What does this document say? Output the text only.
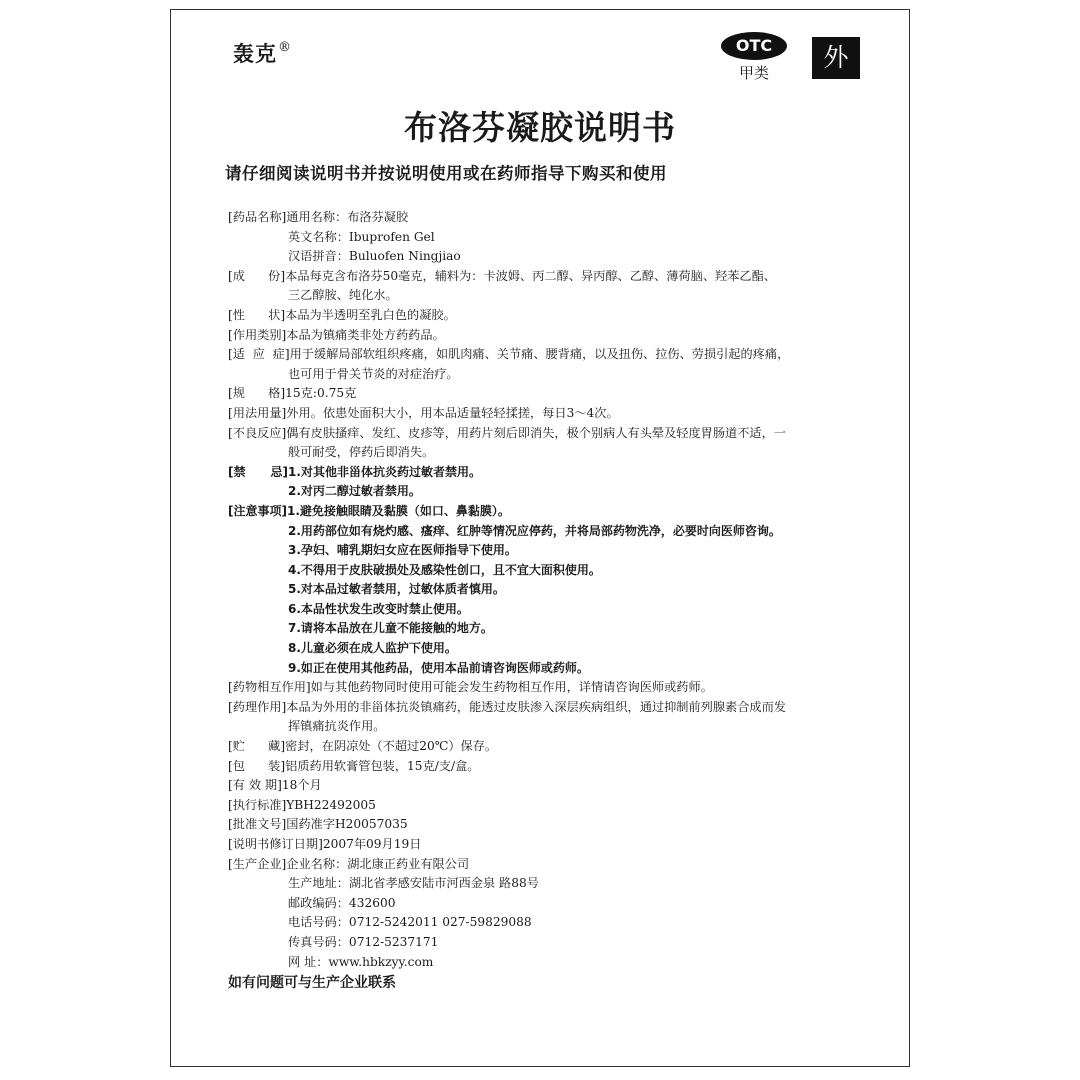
轰克®	OTC
甲类
外
布洛芬凝胶说明书
请仔细阅读说明书并按说明使用或在药师指导下购买和使用
[药品名称]通用名称：布洛芬凝胶
英文名称：Ibuprofen Gel
汉语拼音：Buluofen Ningjiao
[成      份]本品每克含布洛芬50毫克，辅料为：卡波姆、丙二醇、异丙醇、乙醇、薄荷脑、羟苯乙酯、
三乙醇胺、纯化水。
[性      状]本品为半透明至乳白色的凝胶。
[作用类别]本品为镇痛类非处方药药品。
[适  应  症]用于缓解局部软组织疼痛，如肌肉痛、关节痛、腰背痛，以及扭伤、拉伤、劳损引起的疼痛，
也可用于骨关节炎的对症治疗。
[规      格]15克:0.75克
[用法用量]外用。依患处面积大小，用本品适量轻轻揉搓，每日3～4次。
[不良反应]偶有皮肤搔痒、发红、皮疹等，用药片刻后即消失，极个别病人有头晕及轻度胃肠道不适，一
般可耐受，停药后即消失。
[禁      忌]1.对其他非甾体抗炎药过敏者禁用。
2.对丙二醇过敏者禁用。
[注意事项]1.避免接触眼睛及黏膜（如口、鼻黏膜）。
2.用药部位如有烧灼感、瘙痒、红肿等情况应停药，并将局部药物洗净，必要时向医师咨询。
3.孕妇、哺乳期妇女应在医师指导下使用。
4.不得用于皮肤破损处及感染性创口，且不宜大面积使用。
5.对本品过敏者禁用，过敏体质者慎用。
6.本品性状发生改变时禁止使用。
7.请将本品放在儿童不能接触的地方。
8.儿童必须在成人监护下使用。
9.如正在使用其他药品，使用本品前请咨询医师或药师。
[药物相互作用]如与其他药物同时使用可能会发生药物相互作用，详情请咨询医师或药师。
[药理作用]本品为外用的非甾体抗炎镇痛药，能透过皮肤渗入深层疾病组织，通过抑制前列腺素合成而发
挥镇痛抗炎作用。
[贮      藏]密封，在阴凉处（不超过20℃）保存。
[包      装]铝质药用软膏管包装，15克/支/盒。
[有 效 期]18个月
[执行标准]YBH22492005
[批准文号]国药准字H20057035
[说明书修订日期]2007年09月19日
[生产企业]企业名称：湖北康正药业有限公司
生产地址：湖北省孝感安陆市河西金泉 路88号
邮政编码：432600
电话号码：0712-5242011 027-59829088
传真号码：0712-5237171
网 址：www.hbkzyy.com
如有问题可与生产企业联系
